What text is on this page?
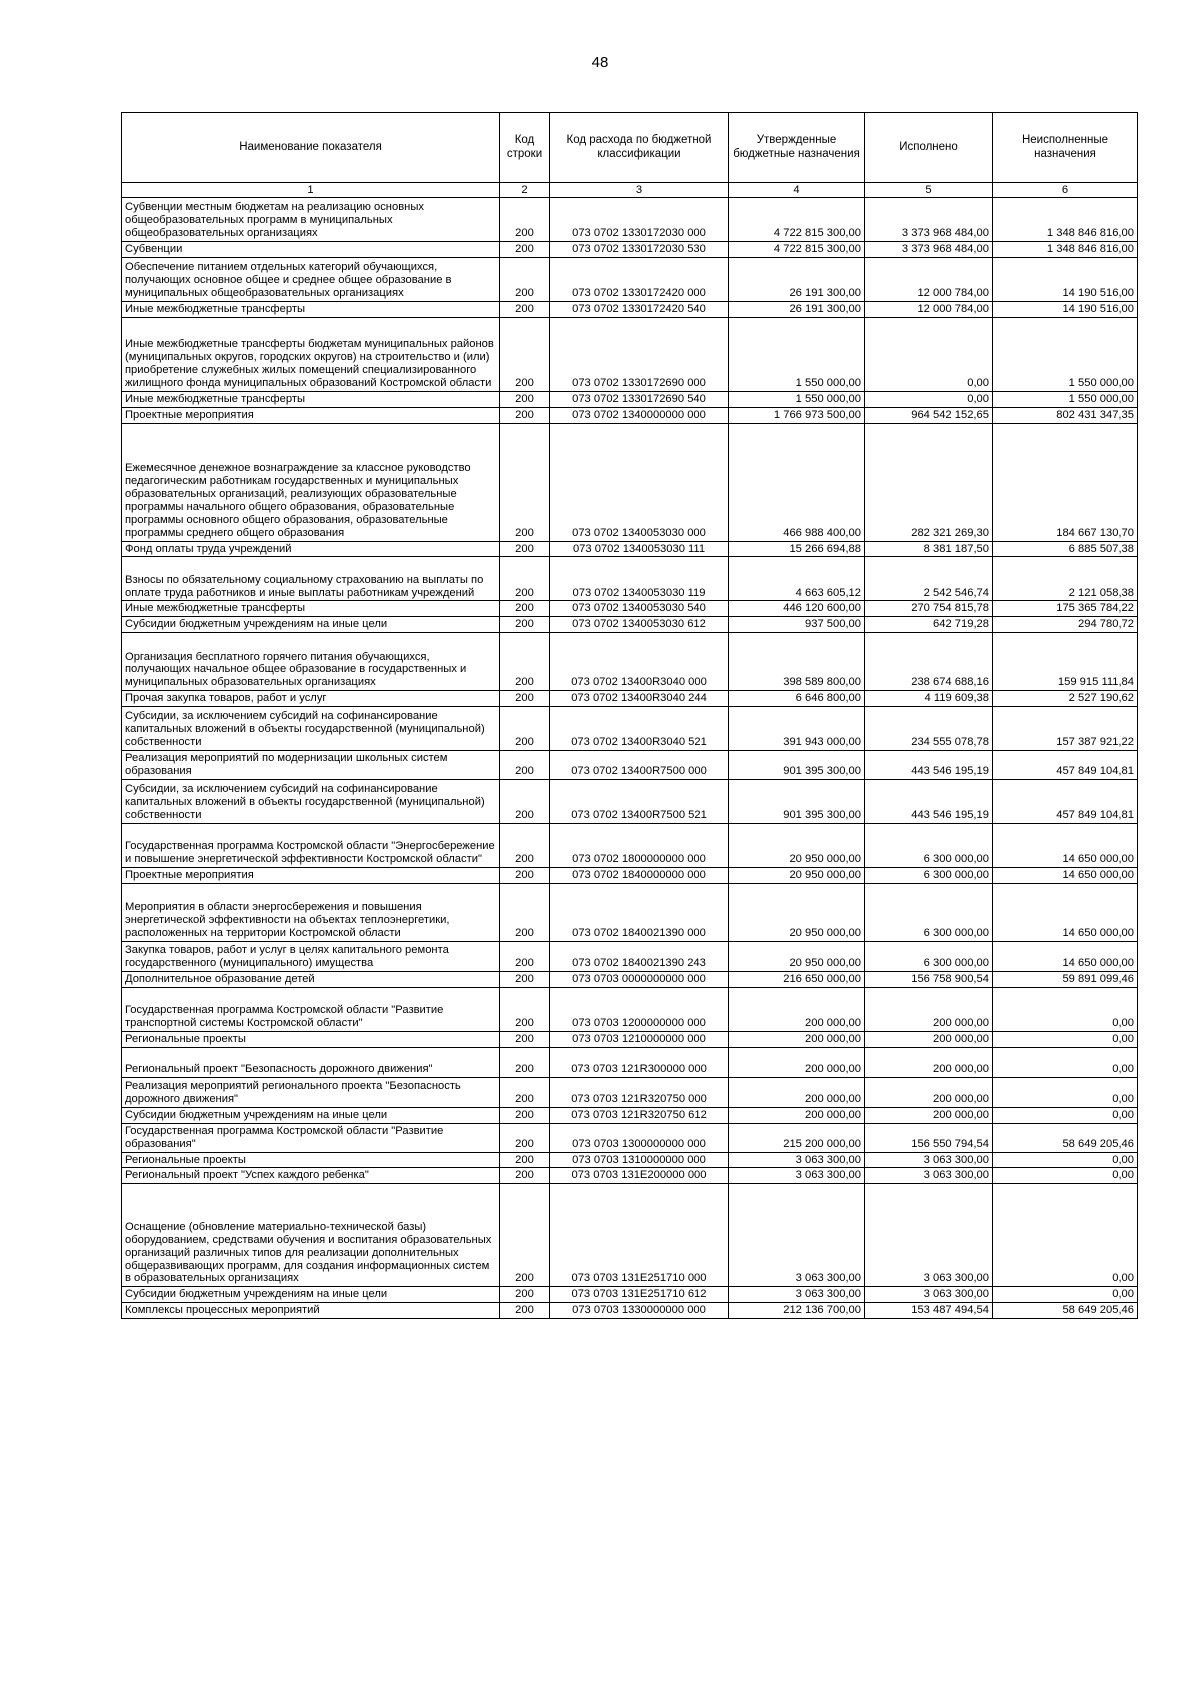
48
Наименование показателя	Код строки	Код расхода по бюджетной классификации	Утвержденные бюджетные назначения	Исполнено	Неисполненные назначения
1	2	3	4	5	6
Субвенции местным бюджетам на реализацию основных общеобразовательных программ в муниципальных общеобразовательных организациях	200	073 0702 1330172030 000	4 722 815 300,00	3 373 968 484,00	1 348 846 816,00
Субвенции	200	073 0702 1330172030 530	4 722 815 300,00	3 373 968 484,00	1 348 846 816,00
Обеспечение питанием отдельных категорий обучающихся, получающих основное общее и среднее общее образование в муниципальных общеобразовательных организациях	200	073 0702 1330172420 000	26 191 300,00	12 000 784,00	14 190 516,00
Иные межбюджетные трансферты	200	073 0702 1330172420 540	26 191 300,00	12 000 784,00	14 190 516,00
Иные межбюджетные трансферты бюджетам муниципальных районов (муниципальных округов, городских округов) на строительство и (или) приобретение служебных жилых помещений специализированного жилищного фонда муниципальных образований Костромской области	200	073 0702 1330172690 000	1 550 000,00	0,00	1 550 000,00
Иные межбюджетные трансферты	200	073 0702 1330172690 540	1 550 000,00	0,00	1 550 000,00
Проектные мероприятия	200	073 0702 1340000000 000	1 766 973 500,00	964 542 152,65	802 431 347,35
Ежемесячное денежное вознаграждение за классное руководство педагогическим работникам государственных и муниципальных образовательных организаций, реализующих образовательные программы начального общего образования, образовательные программы основного общего образования, образовательные программы среднего общего образования	200	073 0702 1340053030 000	466 988 400,00	282 321 269,30	184 667 130,70
Фонд оплаты труда учреждений	200	073 0702 1340053030 111	15 266 694,88	8 381 187,50	6 885 507,38
Взносы по обязательному социальному страхованию на выплаты по оплате труда работников и иные выплаты работникам учреждений	200	073 0702 1340053030 119	4 663 605,12	2 542 546,74	2 121 058,38
Иные межбюджетные трансферты	200	073 0702 1340053030 540	446 120 600,00	270 754 815,78	175 365 784,22
Субсидии бюджетным учреждениям на иные цели	200	073 0702 1340053030 612	937 500,00	642 719,28	294 780,72
Организация бесплатного горячего питания обучающихся, получающих начальное общее образование в государственных и муниципальных образовательных организациях	200	073 0702 13400R3040 000	398 589 800,00	238 674 688,16	159 915 111,84
Прочая закупка товаров, работ и услуг	200	073 0702 13400R3040 244	6 646 800,00	4 119 609,38	2 527 190,62
Субсидии, за исключением субсидий на софинансирование капитальных вложений в объекты государственной (муниципальной) собственности	200	073 0702 13400R3040 521	391 943 000,00	234 555 078,78	157 387 921,22
Реализация мероприятий по модернизации школьных систем образования	200	073 0702 13400R7500 000	901 395 300,00	443 546 195,19	457 849 104,81
Субсидии, за исключением субсидий на софинансирование капитальных вложений в объекты государственной (муниципальной) собственности	200	073 0702 13400R7500 521	901 395 300,00	443 546 195,19	457 849 104,81
Государственная программа Костромской области "Энергосбережение и повышение энергетической эффективности Костромской области"	200	073 0702 1800000000 000	20 950 000,00	6 300 000,00	14 650 000,00
Проектные мероприятия	200	073 0702 1840000000 000	20 950 000,00	6 300 000,00	14 650 000,00
Мероприятия в области энергосбережения и повышения энергетической эффективности на объектах теплоэнергетики, расположенных на территории Костромской области	200	073 0702 1840021390 000	20 950 000,00	6 300 000,00	14 650 000,00
Закупка товаров, работ и услуг в целях капитального ремонта государственного (муниципального) имущества	200	073 0702 1840021390 243	20 950 000,00	6 300 000,00	14 650 000,00
Дополнительное образование детей	200	073 0703 0000000000 000	216 650 000,00	156 758 900,54	59 891 099,46
Государственная программа Костромской области "Развитие транспортной системы Костромской области"	200	073 0703 1200000000 000	200 000,00	200 000,00	0,00
Региональные проекты	200	073 0703 1210000000 000	200 000,00	200 000,00	0,00
Региональный проект "Безопасность дорожного движения"	200	073 0703 121R300000 000	200 000,00	200 000,00	0,00
Реализация мероприятий регионального проекта "Безопасность дорожного движения"	200	073 0703 121R320750 000	200 000,00	200 000,00	0,00
Субсидии бюджетным учреждениям на иные цели	200	073 0703 121R320750 612	200 000,00	200 000,00	0,00
Государственная программа Костромской области "Развитие образования"	200	073 0703 1300000000 000	215 200 000,00	156 550 794,54	58 649 205,46
Региональные проекты	200	073 0703 1310000000 000	3 063 300,00	3 063 300,00	0,00
Региональный проект "Успех каждого ребенка"	200	073 0703 131E200000 000	3 063 300,00	3 063 300,00	0,00
Оснащение (обновление материально-технической базы) оборудованием, средствами обучения и воспитания образовательных организаций различных типов для реализации дополнительных общеразвивающих программ, для создания информационных систем в образовательных организациях	200	073 0703 131E251710 000	3 063 300,00	3 063 300,00	0,00
Субсидии бюджетным учреждениям на иные цели	200	073 0703 131E251710 612	3 063 300,00	3 063 300,00	0,00
Комплексы процессных мероприятий	200	073 0703 1330000000 000	212 136 700,00	153 487 494,54	58 649 205,46
